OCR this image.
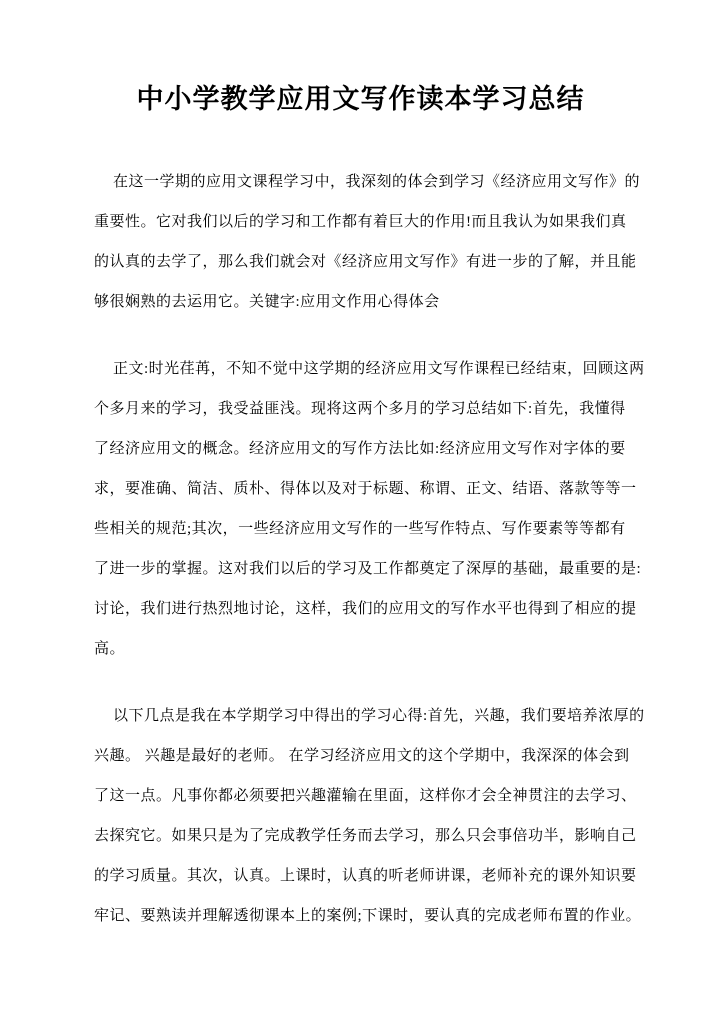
中小学教学应用文写作读本学习总结
在这一学期的应用文课程学习中，我深刻的体会到学习《经济应用文写作》的
重要性。它对我们以后的学习和工作都有着巨大的作用!而且我认为如果我们真
的认真的去学了，那么我们就会对《经济应用文写作》有进一步的了解，并且能
够很娴熟的去运用它。关键字:应用文作用心得体会
正文:时光荏苒，不知不觉中这学期的经济应用文写作课程已经结束，回顾这两
个多月来的学习，我受益匪浅。现将这两个多月的学习总结如下:首先，我懂得
了经济应用文的概念。经济应用文的写作方法比如:经济应用文写作对字体的要
求，要准确、简洁、质朴、得体以及对于标题、称谓、正文、结语、落款等等一
些相关的规范;其次，一些经济应用文写作的一些写作特点、写作要素等等都有
了进一步的掌握。这对我们以后的学习及工作都奠定了深厚的基础，最重要的是:
讨论，我们进行热烈地讨论，这样，我们的应用文的写作水平也得到了相应的提
高。
以下几点是我在本学期学习中得出的学习心得:首先，兴趣，我们要培养浓厚的
兴趣。 兴趣是最好的老师。 在学习经济应用文的这个学期中，我深深的体会到
了这一点。凡事你都必须要把兴趣灌输在里面，这样你才会全神贯注的去学习、
去探究它。如果只是为了完成教学任务而去学习，那么只会事倍功半，影响自己
的学习质量。其次，认真。上课时，认真的听老师讲课，老师补充的课外知识要
牢记、要熟读并理解透彻课本上的案例;下课时，要认真的完成老师布置的作业。
